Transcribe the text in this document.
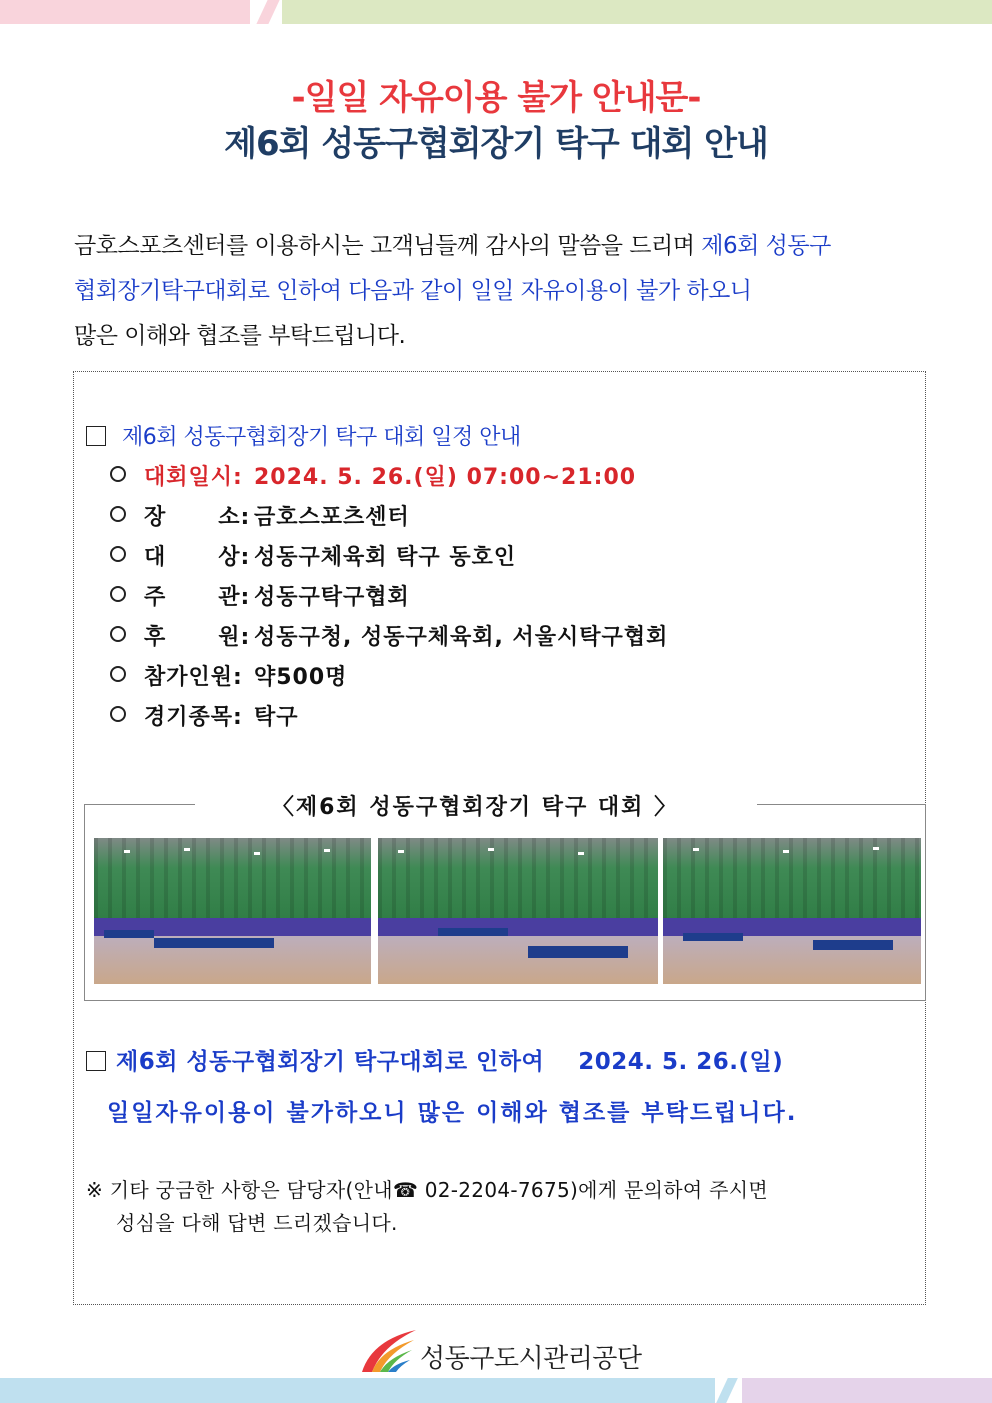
-일일 자유이용 불가 안내문-
제6회 성동구협회장기 탁구 대회 안내
금호스포츠센터를 이용하시는 고객님들께 감사의 말씀을 드리며 제6회 성동구
협회장기탁구대회로 인하여 다음과 같이 일일 자유이용이 불가 하오니
많은 이해와 협조를 부탁드립니다.
제6회 성동구협회장기 탁구 대회 일정 안내
대회일시: 2024. 5. 26.(일) 07:00~21:00
장      소: 금호스포츠센터
대      상: 성동구체육회 탁구 동호인
주      관: 성동구탁구협회
후      원: 성동구청, 성동구체육회, 서울시탁구협회
참가인원: 약500명
경기종목: 탁구
〈제6회 성동구협회장기 탁구 대회 〉
제6회 성동구협회장기 탁구대회로 인하여 2024. 5. 26.(일)
일일자유이용이 불가하오니 많은 이해와 협조를 부탁드립니다.
※ 기타 궁금한 사항은 담당자(안내☎ 02-2204-7675)에게 문의하여 주시면
성심을 다해 답변 드리겠습니다.
성동구도시관리공단
